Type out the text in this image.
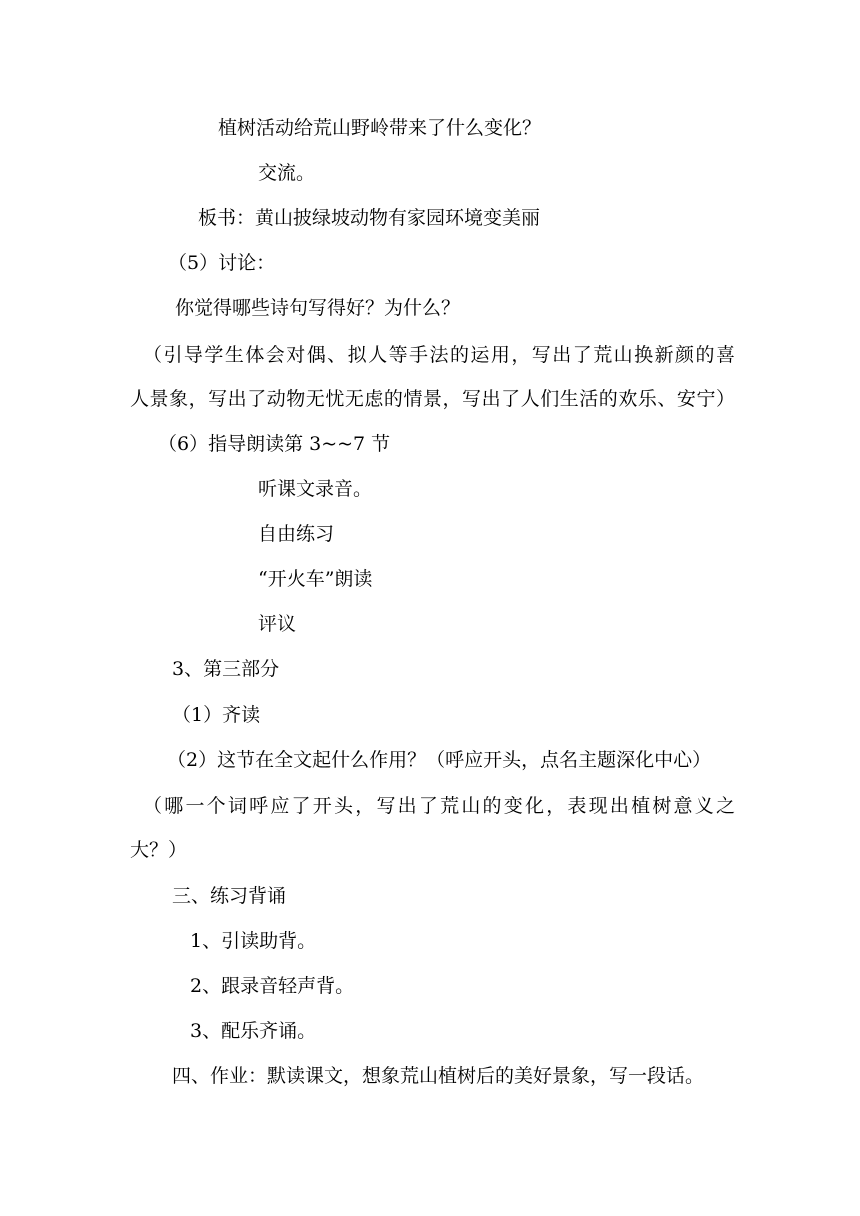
植树活动给荒山野岭带来了什么变化？
交流。
板书：黄山披绿坡动物有家园环境变美丽
（5）讨论：
你觉得哪些诗句写得好？为什么？
（引导学生体会对偶、拟人等手法的运用，写出了荒山换新颜的喜
人景象，写出了动物无忧无虑的情景，写出了人们生活的欢乐、安宁）
（6）指导朗读第 3~~7 节
听课文录音。
自由练习
“开火车”朗读
评议
3、第三部分
（1）齐读
（2）这节在全文起什么作用？（呼应开头，点名主题深化中心）
（哪一个词呼应了开头，写出了荒山的变化，表现出植树意义之
大？）
三、练习背诵
1、引读助背。
2、跟录音轻声背。
3、配乐齐诵。
四、作业：默读课文，想象荒山植树后的美好景象，写一段话。
